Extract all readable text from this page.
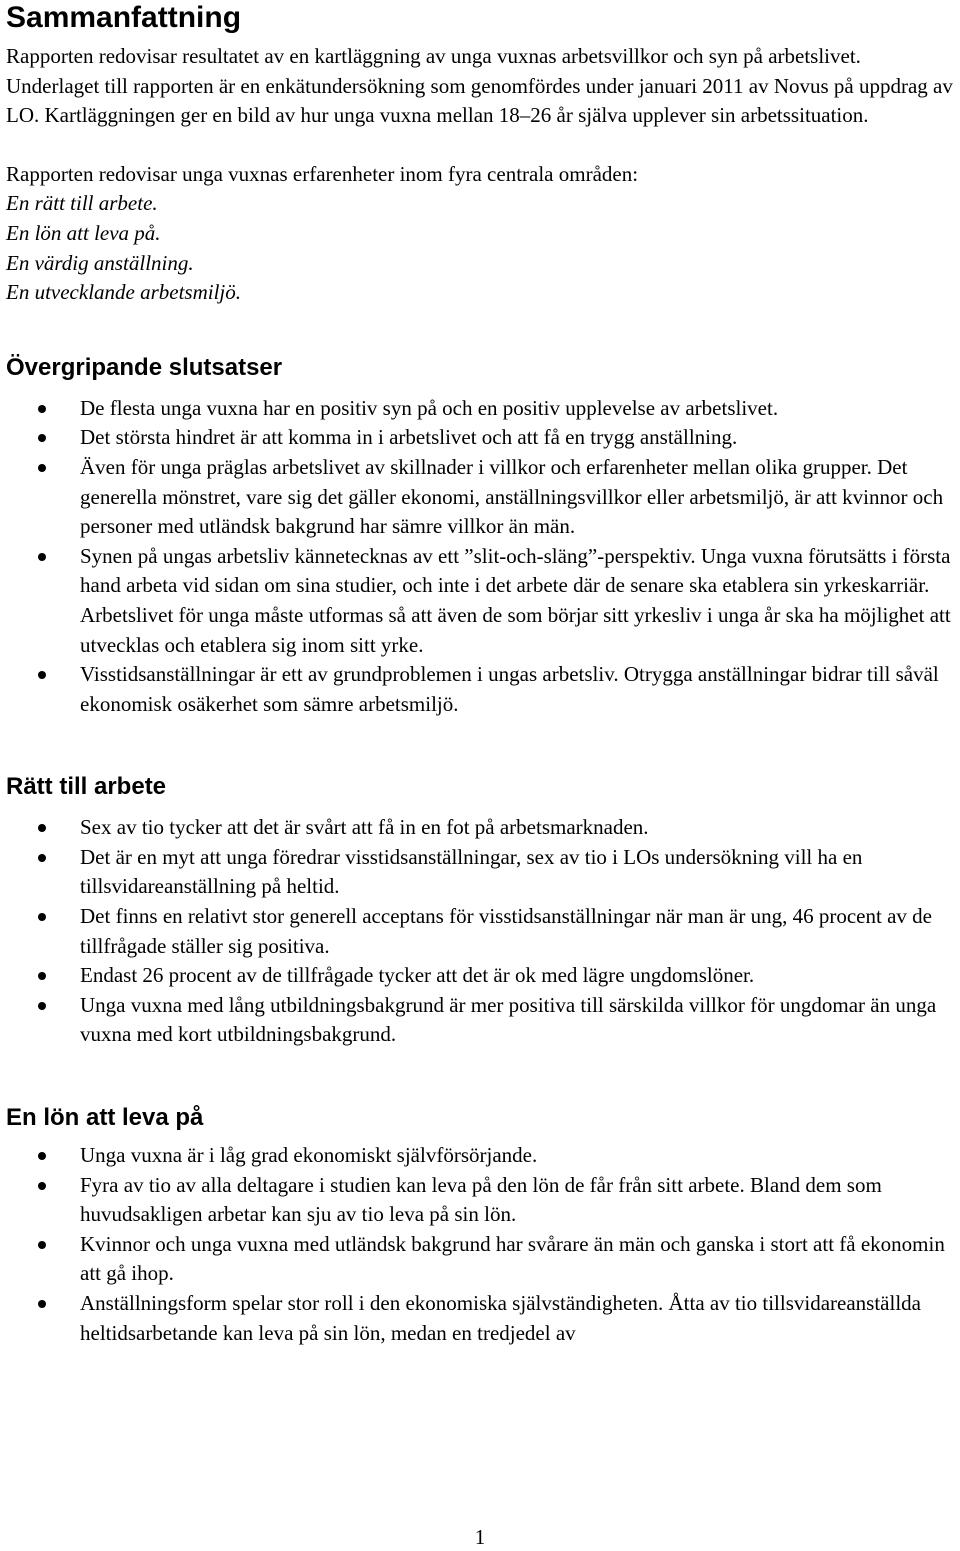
Sammanfattning

Rapporten redovisar resultatet av en kartläggning av unga vuxnas arbetsvillkor och syn på arbetslivet. Underlaget till rapporten är en enkätundersökning som genomfördes under januari 2011 av Novus på uppdrag av LO. Kartläggningen ger en bild av hur unga vuxna mellan 18–26 år själva upplever sin arbetssituation.

Rapporten redovisar unga vuxnas erfarenheter inom fyra centrala områden:

En rätt till arbete.
En lön att leva på.
En värdig anställning.
En utvecklande arbetsmiljö.
Övergripande slutsatser
De flesta unga vuxna har en positiv syn på och en positiv upplevelse av arbetslivet.
Det största hindret är att komma in i arbetslivet och att få en trygg anställning.
Även för unga präglas arbetslivet av skillnader i villkor och erfarenheter mellan olika grupper. Det generella mönstret, vare sig det gäller ekonomi, anställningsvillkor eller arbetsmiljö, är att kvinnor och personer med utländsk bakgrund har sämre villkor än män.
Synen på ungas arbetsliv kännetecknas av ett ”slit-och-släng”-perspektiv. Unga vuxna förutsätts i första hand arbeta vid sidan om sina studier, och inte i det arbete där de senare ska etablera sin yrkeskarriär. Arbetslivet för unga måste utformas så att även de som börjar sitt yrkesliv i unga år ska ha möjlighet att utvecklas och etablera sig inom sitt yrke.
Visstidsanställningar är ett av grundproblemen i ungas arbetsliv. Otrygga anställningar bidrar till såväl ekonomisk osäkerhet som sämre arbetsmiljö.
Rätt till arbete
Sex av tio tycker att det är svårt att få in en fot på arbetsmarknaden.
Det är en myt att unga föredrar visstidsanställningar, sex av tio i LOs undersökning vill ha en tillsvidareanställning på heltid.
Det finns en relativt stor generell acceptans för visstidsanställningar när man är ung, 46 procent av de tillfrågade ställer sig positiva.
Endast 26 procent av de tillfrågade tycker att det är ok med lägre ungdomslöner.
Unga vuxna med lång utbildningsbakgrund är mer positiva till särskilda villkor för ungdomar än unga vuxna med kort utbildningsbakgrund.
En lön att leva på
Unga vuxna är i låg grad ekonomiskt självförsörjande.
Fyra av tio av alla deltagare i studien kan leva på den lön de får från sitt arbete. Bland dem som huvudsakligen arbetar kan sju av tio leva på sin lön.
Kvinnor och unga vuxna med utländsk bakgrund har svårare än män och ganska i stort att få ekonomin att gå ihop.
Anställningsform spelar stor roll i den ekonomiska självständigheten. Åtta av tio tillsvidareanställda heltidsarbetande kan leva på sin lön, medan en tredjedel av
1
